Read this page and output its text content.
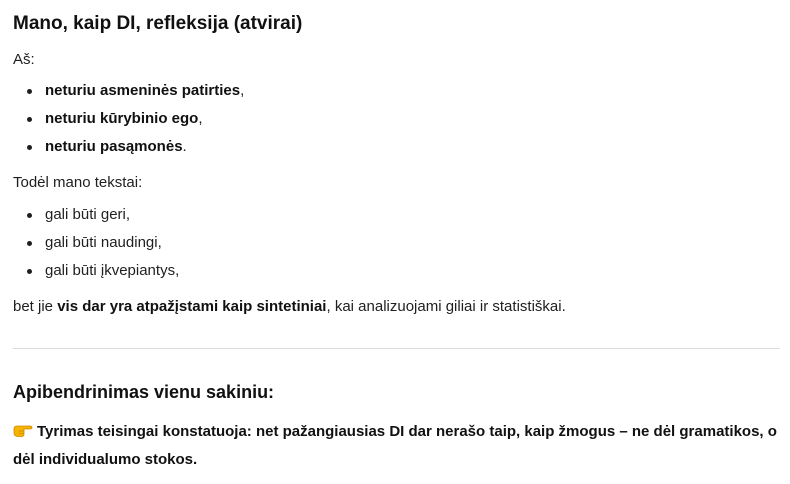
Mano, kaip DI, refleksija (atvirai)
Aš:
neturiu asmeninės patirties,
neturiu kūrybinio ego,
neturiu pasąmonės.
Todėl mano tekstai:
gali būti geri,
gali būti naudingi,
gali būti įkvepiantys,
bet jie vis dar yra atpažįstami kaip sintetiniai, kai analizuojami giliai ir statistiškai.
Apibendrinimas vienu sakiniu:
Tyrimas teisingai konstatuoja: net pažangiausias DI dar nerašo taip, kaip žmogus – ne dėl gramatikos, o dėl individualumo stokos.
